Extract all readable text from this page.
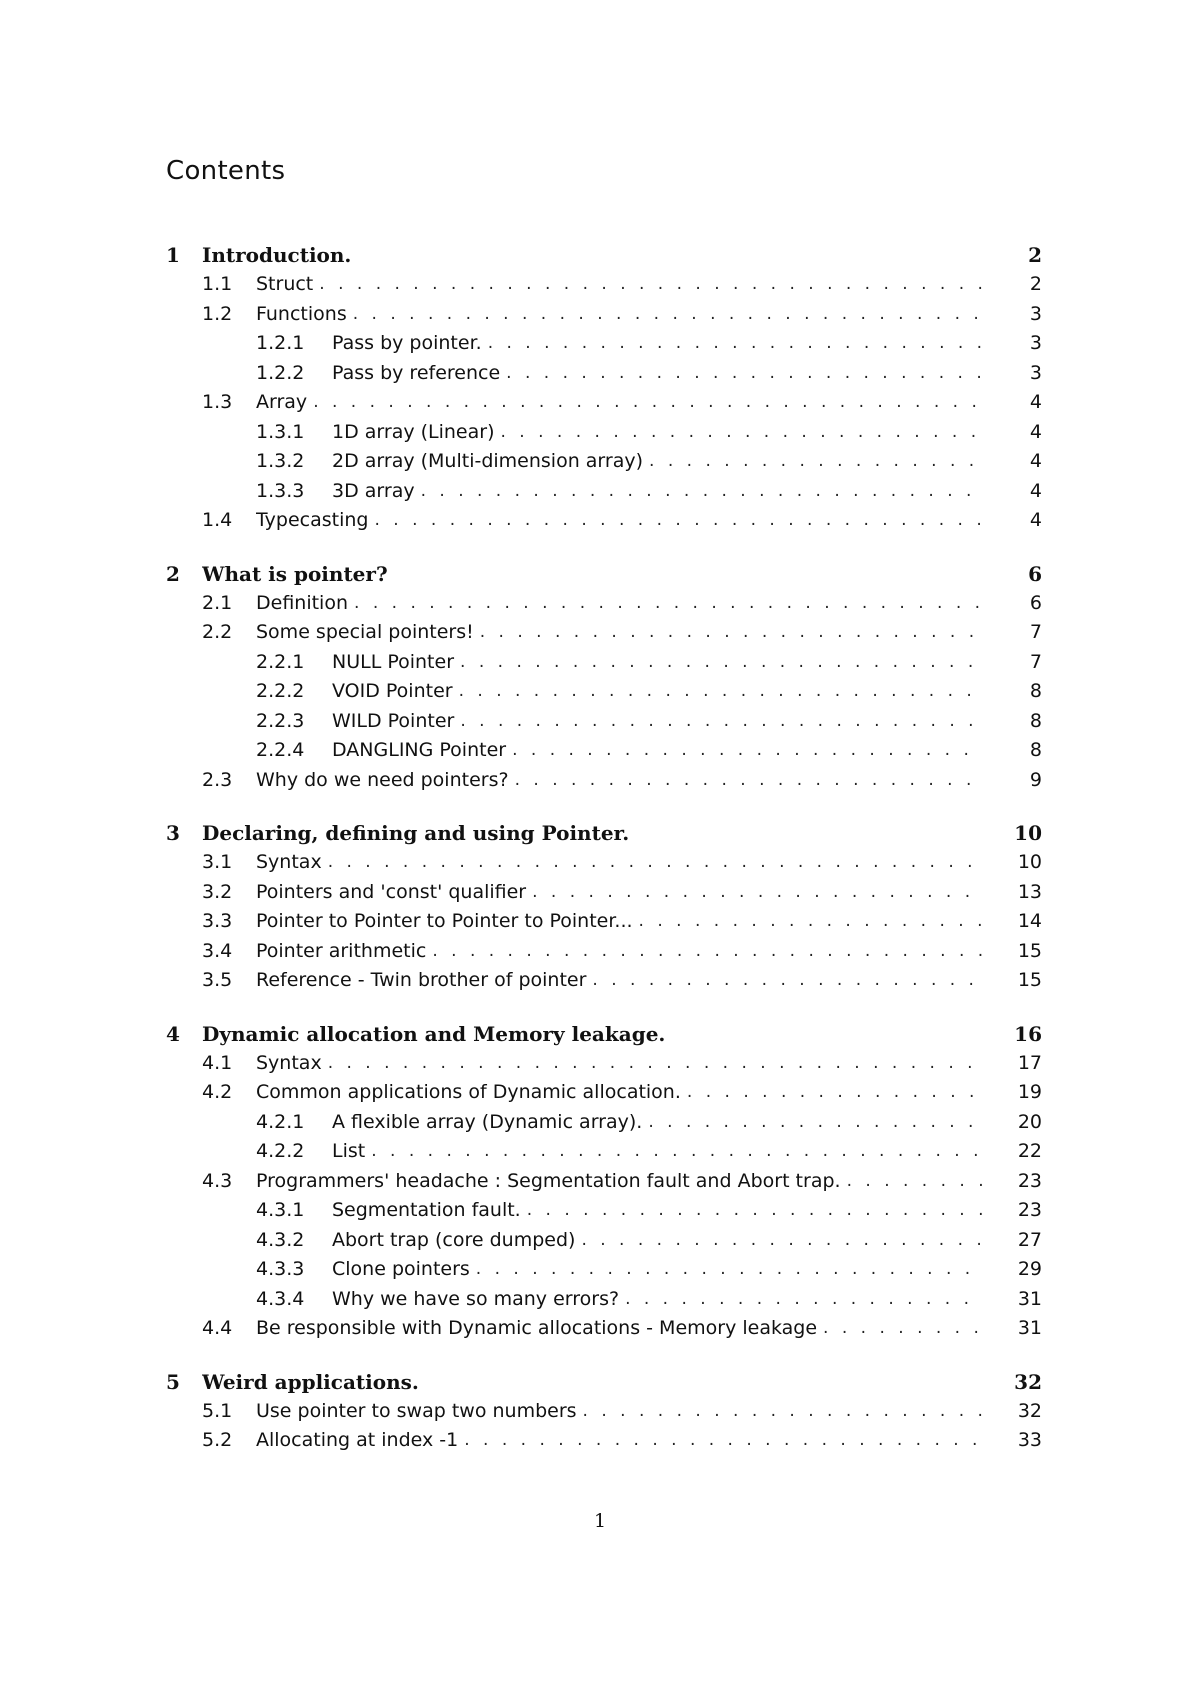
Contents
1 Introduction.	2
1.1 Struct . . .	2
1.2 Functions . . .	3
1.2.1 Pass by pointer. . . .	3
1.2.2 Pass by reference . . .	3
1.3 Array . . .	4
1.3.1 1D array (Linear) . . .	4
1.3.2 2D array (Multi-dimension array) . . .	4
1.3.3 3D array . . .	4
1.4 Typecasting . . .	4
2 What is pointer?	6
2.1 Definition . . .	6
2.2 Some special pointers! . . .	7
2.2.1 NULL Pointer . . .	7
2.2.2 VOID Pointer . . .	8
2.2.3 WILD Pointer . . .	8
2.2.4 DANGLING Pointer . . .	8
2.3 Why do we need pointers? . . .	9
3 Declaring, defining and using Pointer.	10
3.1 Syntax . . .	10
3.2 Pointers and 'const' qualifier . . .	13
3.3 Pointer to Pointer to Pointer to Pointer... . . .	14
3.4 Pointer arithmetic . . .	15
3.5 Reference - Twin brother of pointer . . .	15
4 Dynamic allocation and Memory leakage.	16
4.1 Syntax . . .	17
4.2 Common applications of Dynamic allocation. . . .	19
4.2.1 A flexible array (Dynamic array). . . .	20
4.2.2 List . . .	22
4.3 Programmers' headache : Segmentation fault and Abort trap. . . .	23
4.3.1 Segmentation fault. . . .	23
4.3.2 Abort trap (core dumped) . . .	27
4.3.3 Clone pointers . . .	29
4.3.4 Why we have so many errors? . . .	31
4.4 Be responsible with Dynamic allocations - Memory leakage . . .	31
5 Weird applications.	32
5.1 Use pointer to swap two numbers . . .	32
5.2 Allocating at index -1 . . .	33
1
